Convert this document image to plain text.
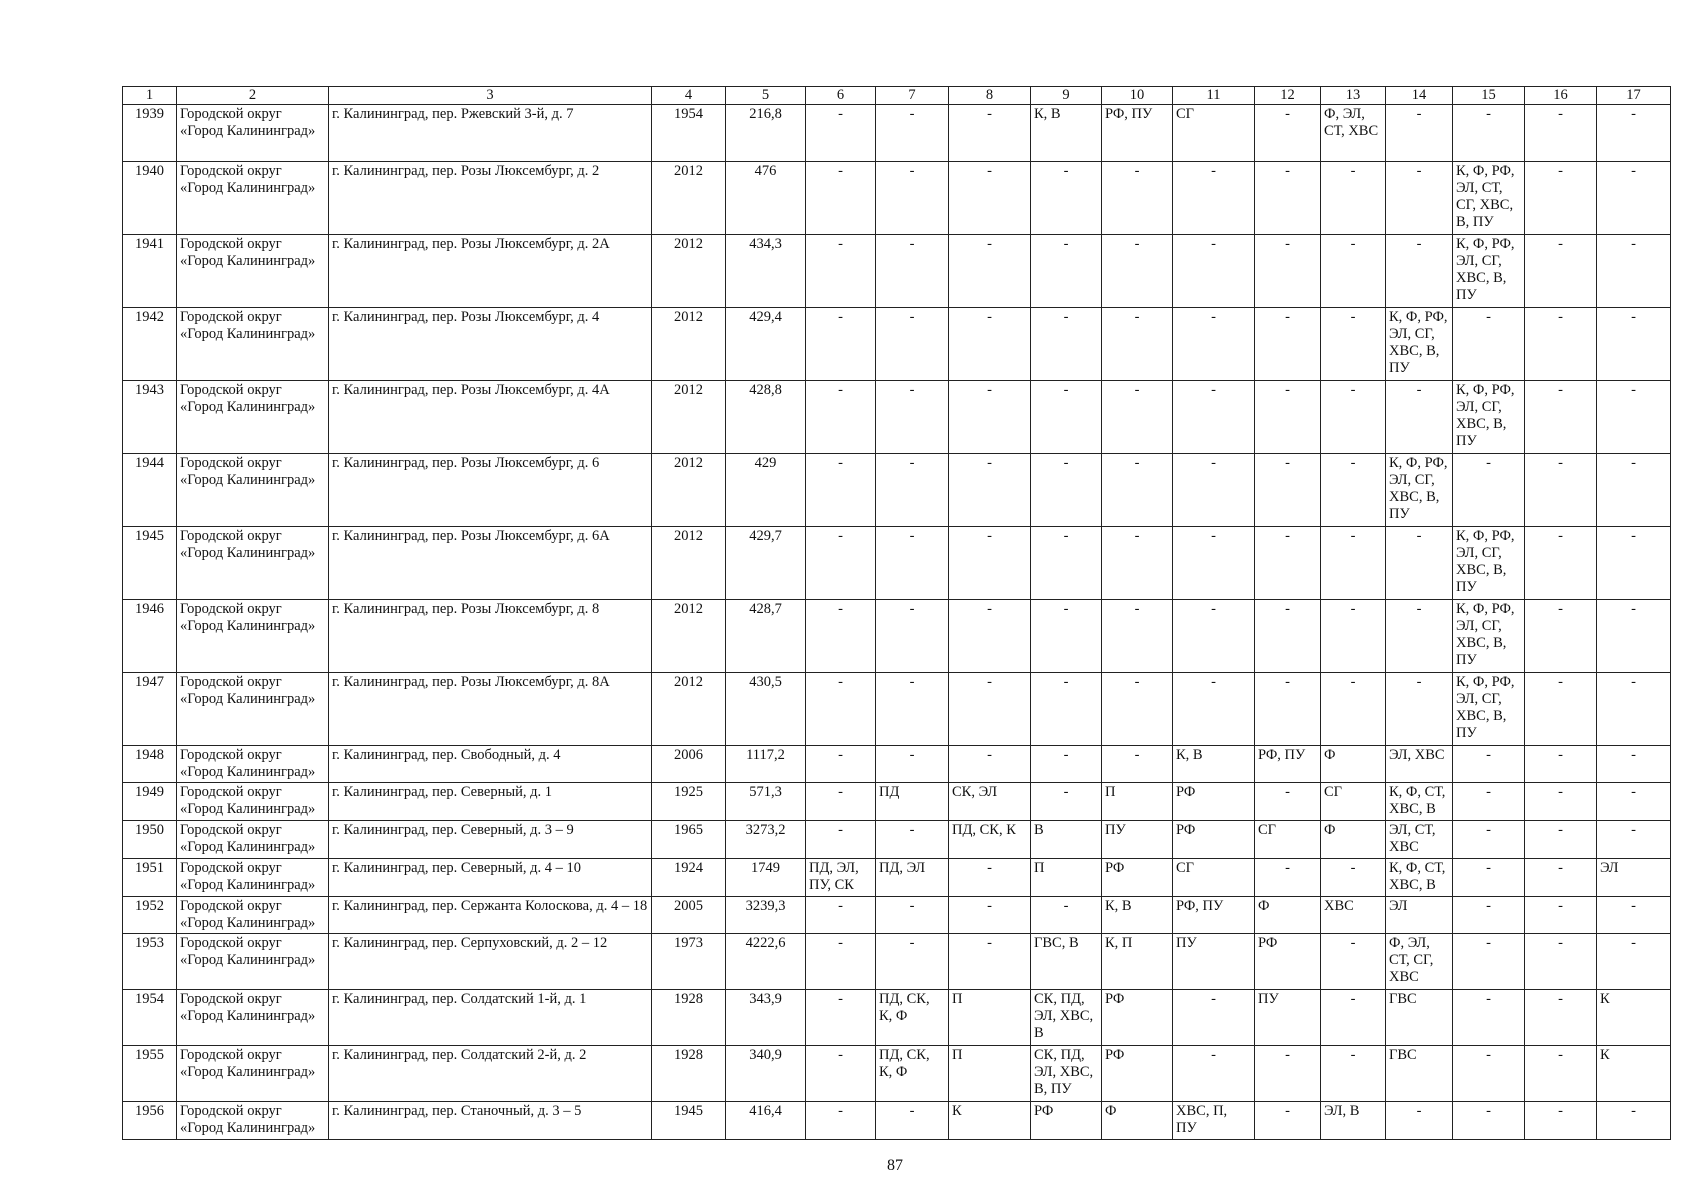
1	2	3	4	5	6	7	8	9	10	11	12	13	14	15	16	17
1939	Городской округ «Город Калининград»	г. Калининград, пер. Ржевский 3-й, д. 7	1954	216,8	-	-	-	К, В	РФ, ПУ	СГ	-	Ф, ЭЛ, СТ, ХВС	-	-	-	-
1940	Городской округ «Город Калининград»	г. Калининград, пер. Розы Люксембург, д. 2	2012	476	-	-	-	-	-	-	-	-	-	К, Ф, РФ, ЭЛ, СТ, СГ, ХВС, В, ПУ	-	-
1941	Городской округ «Город Калининград»	г. Калининград, пер. Розы Люксембург, д. 2А	2012	434,3	-	-	-	-	-	-	-	-	-	К, Ф, РФ, ЭЛ, СГ, ХВС, В, ПУ	-	-
1942	Городской округ «Город Калининград»	г. Калининград, пер. Розы Люксембург, д. 4	2012	429,4	-	-	-	-	-	-	-	-	К, Ф, РФ, ЭЛ, СГ, ХВС, В, ПУ	-	-	-
1943	Городской округ «Город Калининград»	г. Калининград, пер. Розы Люксембург, д. 4А	2012	428,8	-	-	-	-	-	-	-	-	-	К, Ф, РФ, ЭЛ, СГ, ХВС, В, ПУ	-	-
1944	Городской округ «Город Калининград»	г. Калининград, пер. Розы Люксембург, д. 6	2012	429	-	-	-	-	-	-	-	-	К, Ф, РФ, ЭЛ, СГ, ХВС, В, ПУ	-	-	-
1945	Городской округ «Город Калининград»	г. Калининград, пер. Розы Люксембург, д. 6А	2012	429,7	-	-	-	-	-	-	-	-	-	К, Ф, РФ, ЭЛ, СГ, ХВС, В, ПУ	-	-
1946	Городской округ «Город Калининград»	г. Калининград, пер. Розы Люксембург, д. 8	2012	428,7	-	-	-	-	-	-	-	-	-	К, Ф, РФ, ЭЛ, СГ, ХВС, В, ПУ	-	-
1947	Городской округ «Город Калининград»	г. Калининград, пер. Розы Люксембург, д. 8А	2012	430,5	-	-	-	-	-	-	-	-	-	К, Ф, РФ, ЭЛ, СГ, ХВС, В, ПУ	-	-
1948	Городской округ «Город Калининград»	г. Калининград, пер. Свободный, д. 4	2006	1117,2	-	-	-	-	-	К, В	РФ, ПУ	Ф	ЭЛ, ХВС	-	-	-
1949	Городской округ «Город Калининград»	г. Калининград, пер. Северный, д. 1	1925	571,3	-	ПД	СК, ЭЛ	-	П	РФ	-	СГ	К, Ф, СТ, ХВС, В	-	-	-
1950	Городской округ «Город Калининград»	г. Калининград, пер. Северный, д. 3 – 9	1965	3273,2	-	-	ПД, СК, К	В	ПУ	РФ	СГ	Ф	ЭЛ, СТ, ХВС	-	-	-
1951	Городской округ «Город Калининград»	г. Калининград, пер. Северный, д. 4 – 10	1924	1749	ПД, ЭЛ, ПУ, СК	ПД, ЭЛ	-	П	РФ	СГ	-	-	К, Ф, СТ, ХВС, В	-	-	ЭЛ
1952	Городской округ «Город Калининград»	г. Калининград, пер. Сержанта Колоскова, д. 4 – 18	2005	3239,3	-	-	-	-	К, В	РФ, ПУ	Ф	ХВС	ЭЛ	-	-	-
1953	Городской округ «Город Калининград»	г. Калининград, пер. Серпуховский, д. 2 – 12	1973	4222,6	-	-	-	ГВС, В	К, П	ПУ	РФ	-	Ф, ЭЛ, СТ, СГ, ХВС	-	-	-
1954	Городской округ «Город Калининград»	г. Калининград, пер. Солдатский 1-й, д. 1	1928	343,9	-	ПД, СК, К, Ф	П	СК, ПД, ЭЛ, ХВС, В	РФ	-	ПУ	-	ГВС	-	-	К
1955	Городской округ «Город Калининград»	г. Калининград, пер. Солдатский 2-й, д. 2	1928	340,9	-	ПД, СК, К, Ф	П	СК, ПД, ЭЛ, ХВС, В, ПУ	РФ	-	-	-	ГВС	-	-	К
1956	Городской округ «Город Калининград»	г. Калининград, пер. Станочный, д. 3 – 5	1945	416,4	-	-	К	РФ	Ф	ХВС, П, ПУ	-	ЭЛ, В	-	-	-	-
87
